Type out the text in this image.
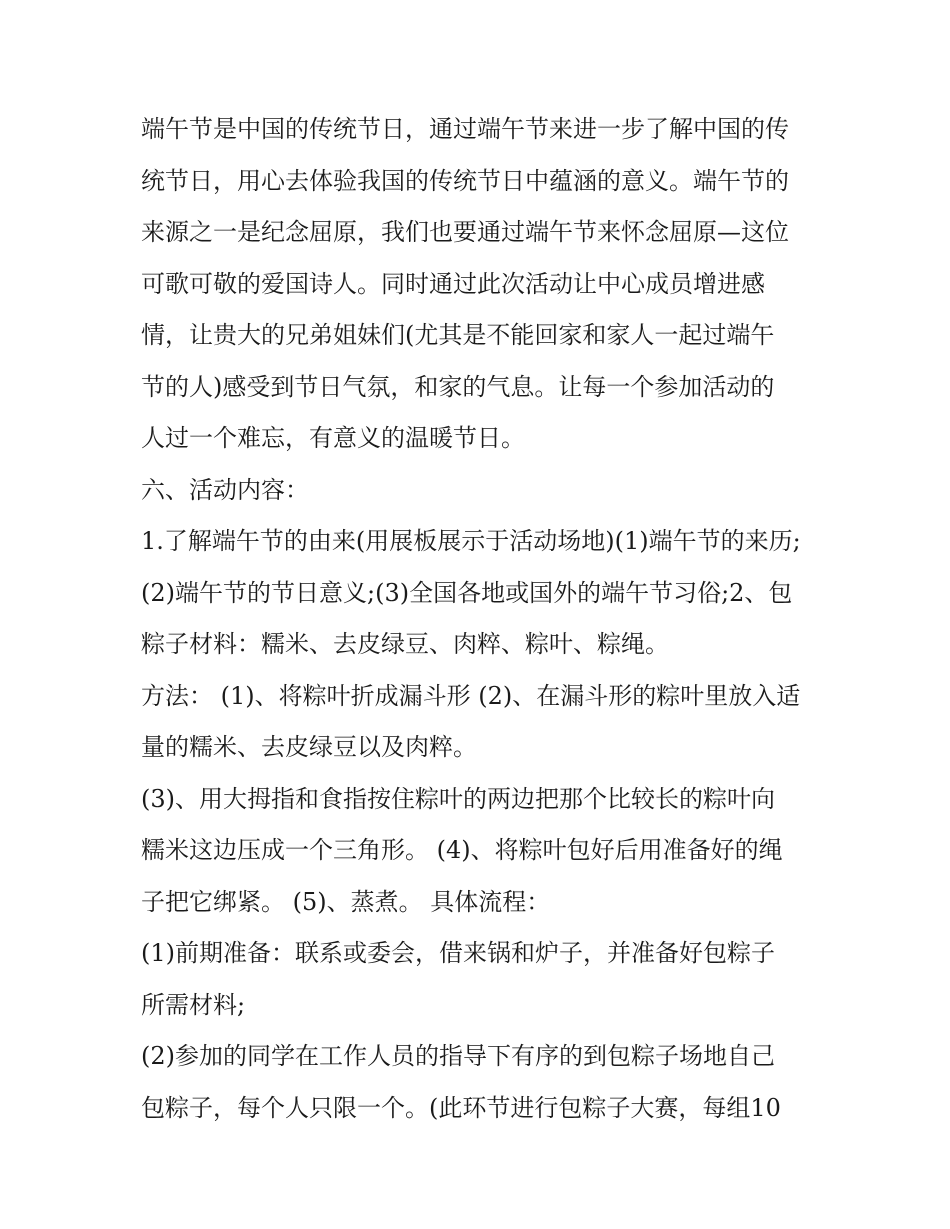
端午节是中国的传统节日，通过端午节来进一步了解中国的传
统节日，用心去体验我国的传统节日中蕴涵的意义。端午节的
来源之一是纪念屈原，我们也要通过端午节来怀念屈原—这位
可歌可敬的爱国诗人。同时通过此次活动让中心成员增进感
情，让贵大的兄弟姐妹们(尤其是不能回家和家人一起过端午
节的人)感受到节日气氛，和家的气息。让每一个参加活动的
人过一个难忘，有意义的温暖节日。
六、活动内容：
1.了解端午节的由来(用展板展示于活动场地)(1)端午节的来历;
(2)端午节的节日意义;(3)全国各地或国外的端午节习俗;2、包
粽子材料：糯米、去皮绿豆、肉粹、粽叶、粽绳。
方法： (1)、将粽叶折成漏斗形 (2)、在漏斗形的粽叶里放入适
量的糯米、去皮绿豆以及肉粹。
(3)、用大拇指和食指按住粽叶的两边把那个比较长的粽叶向
糯米这边压成一个三角形。 (4)、将粽叶包好后用准备好的绳
子把它绑紧。 (5)、蒸煮。 具体流程：
(1)前期准备：联系或委会，借来锅和炉子，并准备好包粽子
所需材料;
(2)参加的同学在工作人员的指导下有序的到包粽子场地自己
包粽子，每个人只限一个。(此环节进行包粽子大赛，每组10
